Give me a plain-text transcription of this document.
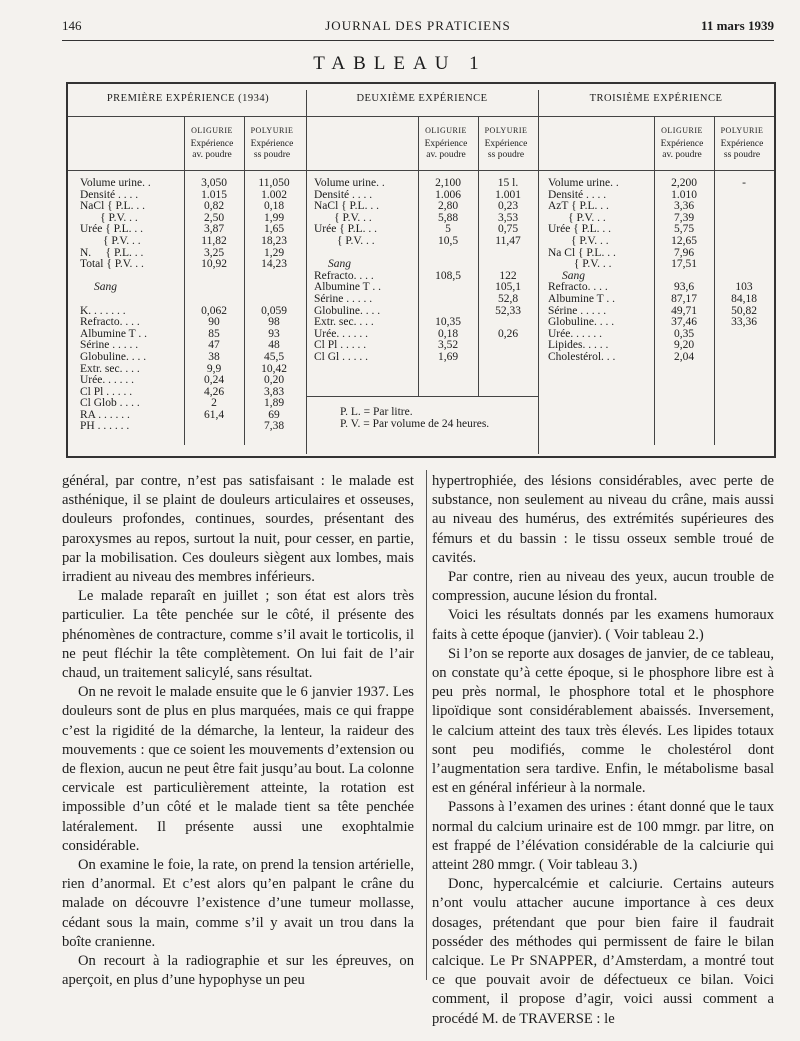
146	JOURNAL DES PRATICIENS	11 mars 1939
TABLEAU 1
PREMIÈRE EXPÉRIENCE (1934)
OLIGURIE
Expérience av. poudre
POLYURIE
Expérience ss poudre
Volume urine. .	3,050	11,050
Densité . . . .	1.015	1.002
NaCl { P.L. . .	0,82	0,18
{ P.V. . .	2,50	1,99
Urée { P.L. . .	3,87	1,65
{ P.V. . .	11,82	18,23
N.     { P.L. . .	3,25	1,29
Total { P.V. . .	10,92	14,23
Sang
K. . . . . . .	0,062	0,059
Refracto. . . .	90	98
Albumine T . .	85	93
Sérine . . . . .	47	48
Globuline. . . .	38	45,5
Extr. sec. . . .	9,9	10,42
Urée. . . . . .	0,24	0,20
Cl Pl . . . . .	4,26	3,83
Cl Glob . . . .	2	1,89
RA . . . . . .	61,4	69
PH . . . . . .	7,38
DEUXIÈME EXPÉRIENCE
OLIGURIE
Expérience av. poudre
POLYURIE
Expérience ss poudre
Volume urine. .	2,100	15 l.
Densité . . . .	1.006	1.001
NaCl { P.L. . .	2,80	0,23
{ P.V. . .	5,88	3,53
Urée { P.L. . .	5	0,75
{ P.V. . .	10,5	11,47
Sang
Refracto. . . .	108,5	122
Albumine T . .	105,1
Sérine . . . . .	52,8
Globuline. . . .	52,33
Extr. sec. . . .	10,35
Urée. . . . . .	0,18	0,26
Cl Pl . . . . .	3,52
Cl Gl . . . . .	1,69
TROISIÈME EXPÉRIENCE
OLIGURIE
Expérience av. poudre
POLYURIE
Expérience ss poudre
Volume urine. .	2,200	-
Densité . . . .	1.010
AzT { P.L. . .	3,36
{ P.V. . .	7,39
Urée { P.L. . .	5,75
{ P.V. . .	12,65
Na Cl { P.L. . .	7,96
{ P.V. . .	17,51
Sang
Refracto. . . .	93,6	103
Albumine T . .	87,17	84,18
Sérine . . . . .	49,71	50,82
Globuline. . . .	37,46	33,36
Urée. . . . . .	0,35
Lipides. . . . .	9,20
Cholestérol. . .	2,04
P. L. = Par litre.
P. V. = Par volume de 24 heures.

général, par contre, n’est pas satisfaisant : le malade est asthénique, il se plaint de douleurs articulaires et osseuses, douleurs profondes, continues, sourdes, présentant des paroxysmes au repos, surtout la nuit, pour cesser, en partie, par la mobilisation. Ces douleurs siègent aux lombes, mais irradient au niveau des membres inférieurs.

Le malade reparaît en juillet ; son état est alors très particulier. La tête penchée sur le côté, il présente des phénomènes de contracture, comme s’il avait le torticolis, il ne peut fléchir la tête complètement. On lui fait de l’air chaud, un traitement salicylé, sans résultat.

On ne revoit le malade ensuite que le 6 janvier 1937. Les douleurs sont de plus en plus marquées, mais ce qui frappe c’est la rigidité de la démarche, la lenteur, la raideur des mouvements : que ce soient les mouvements d’extension ou de flexion, aucun ne peut être fait jusqu’au bout. La colonne cervicale est particulièrement atteinte, la rotation est impossible d’un côté et le malade tient sa tête penchée latéralement. Il présente aussi une exophtalmie considérable.

On examine le foie, la rate, on prend la tension artérielle, rien d’anormal. Et c’est alors qu’en palpant le crâne du malade on découvre l’existence d’une tumeur mollasse, cédant sous la main, comme s’il y avait un trou dans la boîte cranienne.

On recourt à la radiographie et sur les épreuves, on aperçoit, en plus d’une hypophyse un peu

hypertrophiée, des lésions considérables, avec perte de substance, non seulement au niveau du crâne, mais aussi au niveau des humérus, des extrémités supérieures des fémurs et du bassin : le tissu osseux semble troué de cavités.

Par contre, rien au niveau des yeux, aucun trouble de compression, aucune lésion du frontal.

Voici les résultats donnés par les examens humoraux faits à cette époque (janvier). ( Voir tableau 2.)

Si l’on se reporte aux dosages de janvier, de ce tableau, on constate qu’à cette époque, si le phosphore libre est à peu près normal, le phosphore total et le phosphore lipoïdique sont considérablement abaissés. Inversement, le calcium atteint des taux très élevés. Les lipides totaux sont peu modifiés, comme le cholestérol dont l’augmentation sera tardive. Enfin, le métabolisme basal est en général inférieur à la normale.

Passons à l’examen des urines : étant donné que le taux normal du calcium urinaire est de 100 mmgr. par litre, on est frappé de l’élévation considérable de la calciurie qui atteint 280 mmgr. ( Voir tableau 3.)

Donc, hypercalcémie et calciurie. Certains auteurs n’ont voulu attacher aucune importance à ces deux dosages, prétendant que pour bien faire il faudrait posséder des méthodes qui permissent de faire le bilan calcique. Le Pr SNAPPER, d’Amsterdam, a montré tout ce que pouvait avoir de défectueux ce bilan. Voici comment, il propose d’agir, voici aussi comment a procédé M. de TRAVERSE : le
